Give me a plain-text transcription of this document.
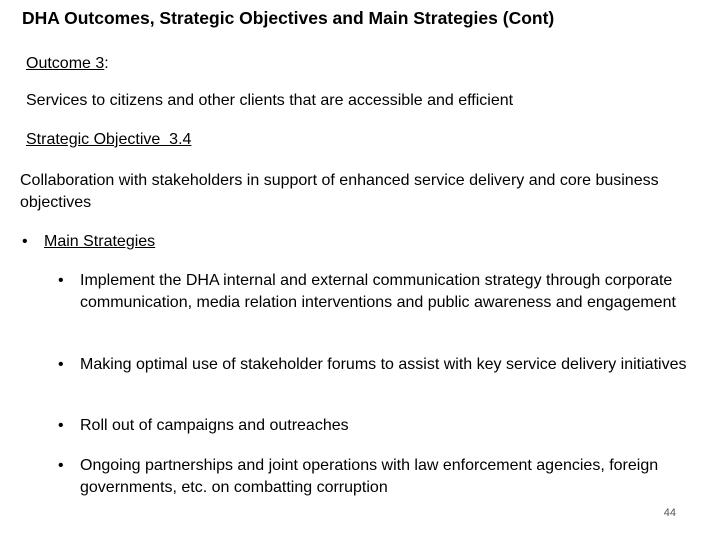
DHA Outcomes, Strategic Objectives and Main Strategies (Cont)
Outcome 3:
Services to citizens and other clients that are accessible and efficient
Strategic Objective  3.4
Collaboration with stakeholders in support of enhanced service delivery and core business objectives
•	Main Strategies
•	Implement the DHA internal and external communication strategy through corporate communication, media relation interventions and public awareness and engagement
•	Making optimal use of stakeholder forums to assist with key service delivery initiatives
•	Roll out of campaigns and outreaches
•	Ongoing partnerships and joint operations with law enforcement agencies, foreign governments, etc. on combatting corruption
44
